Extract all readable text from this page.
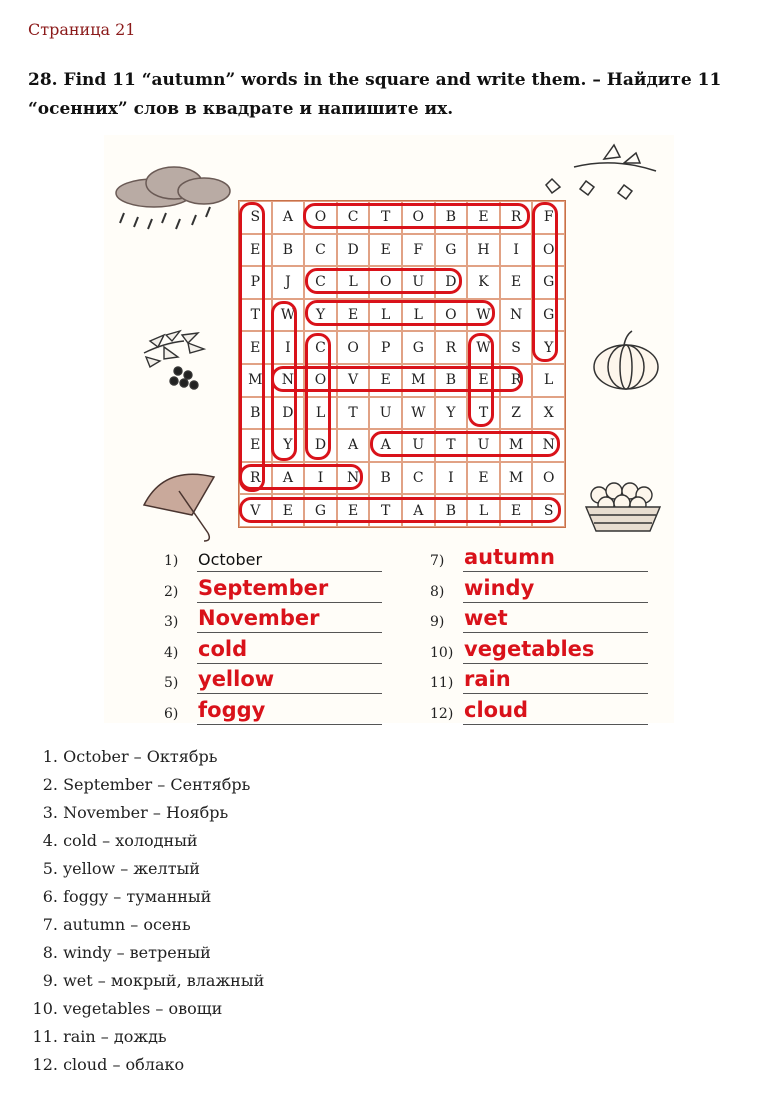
Страница 21
28. Find 11 “autumn” words in the square and write them. – Найдите 11 “осенних” слов в квадрате и напишите их.
S	A	O	C	T	O	B	E	R	F
E	B	C	D	E	F	G	H	I	O
P	J	C	L	O	U	D	K	E	G
T	W	Y	E	L	L	O	W	N	G
E	I	C	O	P	G	R	W	S	Y
M	N	O	V	E	M	B	E	R	L
B	D	L	T	U	W	Y	T	Z	X
E	Y	D	A	A	U	T	U	M	N
R	A	I	N	B	C	I	E	M	O
V	E	G	E	T	A	B	L	E	S
1) October
2) September
3) November
4) cold
5) yellow
6) foggy
7) autumn
8) windy
9) wet
10) vegetables
11) rain
12) cloud
1. October – Октябрь
2. September – Сентябрь
3. November – Ноябрь
4. cold – холодный
5. yellow – желтый
6. foggy – туманный
7. autumn – осень
8. windy – ветреный
9. wet – мокрый, влажный
10. vegetables – овощи
11. rain – дождь
12. cloud – облако
